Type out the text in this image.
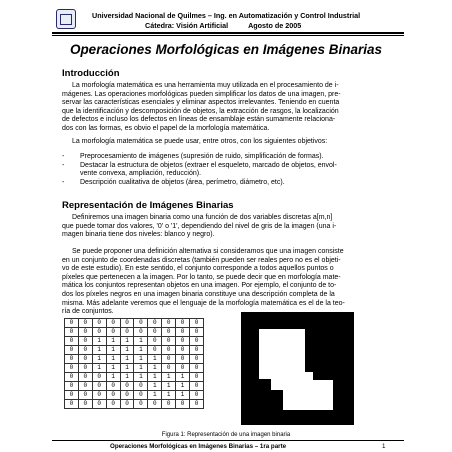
Universidad Nacional de Quilmes – Ing. en Automatización y Control Industrial
Cátedra: Visión Artificial	Agosto de 2005
Operaciones Morfológicas en Imágenes Binarias
Introducción
La morfología matemática es una herramienta muy utilizada en el procesamiento de i-
mágenes. Las operaciones morfológicas pueden simplificar los datos de una imagen, pre-
servar las características esenciales y eliminar aspectos irrelevantes. Teniendo en cuenta
que la identificación y descomposición de objetos, la extracción de rasgos, la localización
de defectos e incluso los defectos en líneas de ensamblaje están sumamente relaciona-
dos con las formas, es obvio el papel de la morfología matemática.
La morfología matemática se puede usar, entre otros, con los siguientes objetivos:
-	Preprocesamiento de imágenes (supresión de ruido, simplificación de formas).
-	Destacar la estructura de objetos (extraer el esqueleto, marcado de objetos, envol-
vente convexa, ampliación, reducción).
-	Descripción cualitativa de objetos (área, perímetro, diámetro, etc).
Representación de Imágenes Binarias
Definiremos una imagen binaria como una función de dos variables discretas a[m,n]
que puede tomar dos valores, '0' o '1', dependiendo del nivel de gris de la imagen (una i-
magen binaria tiene dos niveles: blanco y negro).
Se puede proponer una definición alternativa si consideramos que una imagen consiste
en un conjunto de coordenadas discretas (también pueden ser reales pero no es el objeti-
vo de este estudio). En este sentido, el conjunto corresponde a todos aquellos puntos o
píxeles que pertenecen a la imagen. Por lo tanto, se puede decir que en morfología mate-
mática los conjuntos representan objetos en una imagen. Por ejemplo, el conjunto de to-
dos los píxeles negros en una imagen binaria constituye una descripción completa de la
misma. Más adelante veremos que el lenguaje de la morfología matemática es el de la teo-
ría de conjuntos.
0	0	0	0	0	0	0	0	0	0
0	0	0	0	0	0	0	0	0	0
0	0	1	1	1	1	0	0	0	0
0	0	1	1	1	1	0	0	0	0
0	0	1	1	1	1	1	0	0	0
0	0	1	1	1	1	1	0	0	0
0	0	0	1	1	1	1	1	1	0
0	0	0	0	0	0	1	1	1	0
0	0	0	0	0	0	1	1	1	0
0	0	0	0	0	0	0	0	0	0
Figura 1: Representación de una imagen binaria
Operaciones Morfológicas en Imágenes Binarias – 1ra parte	1
